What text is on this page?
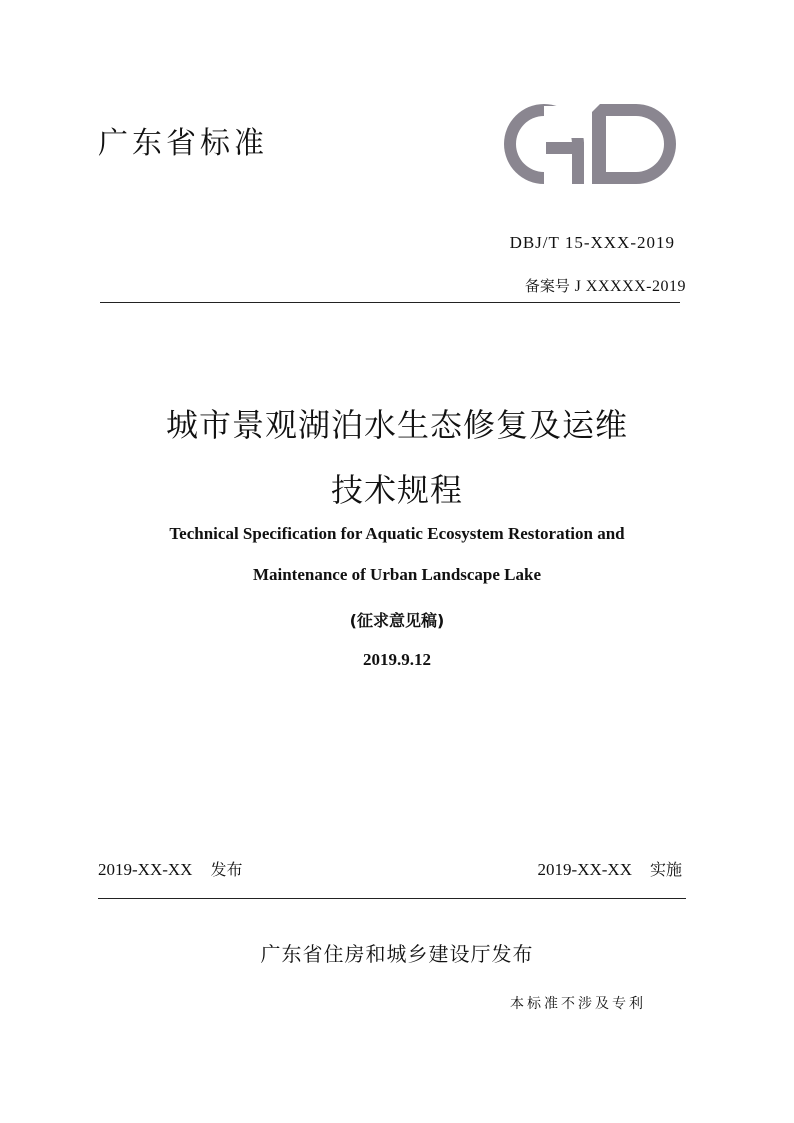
广东省标准
DBJ/T 15-XXX-2019
备案号 J XXXXX-2019
城市景观湖泊水生态修复及运维
技术规程
Technical Specification for Aquatic Ecosystem Restoration and
Maintenance of Urban Landscape Lake
(征求意见稿)
2019.9.12
2019-XX-XX 发布	2019-XX-XX 实施
广东省住房和城乡建设厅发布
本标准不涉及专利
